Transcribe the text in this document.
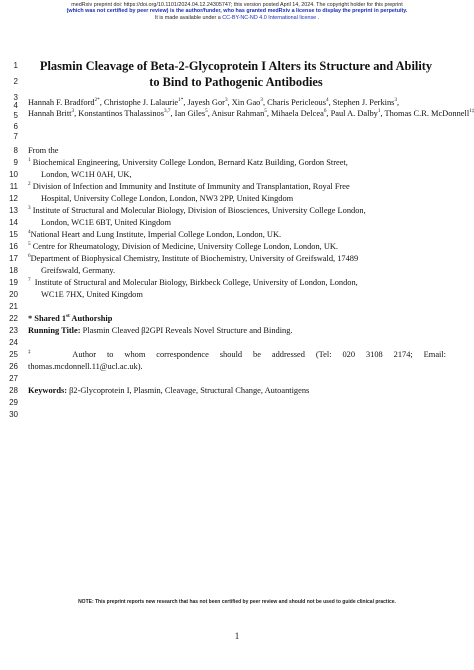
medRxiv preprint doi: https://doi.org/10.1101/2024.04.12.24305747; this version posted April 14, 2024. The copyright holder for this preprint
(which was not certified by peer review) is the author/funder, who has granted medRxiv a license to display the preprint in perpetuity.
It is made available under a CC-BY-NC-ND 4.0 International license .
1
2
3
4
5
6
7
8
9
10
11
12
13
14
15
16
17
18
19
20
21
22
23
24
25
26
27
28
29
30
Plasmin Cleavage of Beta-2-Glycoprotein I Alters its Structure and Ability
to Bind to Pathogenic Antibodies
Hannah F. Bradford$^{2*}$, Christophe J. Lalaurie$^{1*}$, Jayesh Gor$^3$, Xin Gao$^3$, Charis Pericleous$^4$, Stephen J. Perkins$^3$,
Hannah Britt$^3$, Konstantinos Thalassinos$^{3,7}$, Ian Giles$^5$, Anisur Rahman$^5$, Mihaela Delcea$^6$, Paul A. Dalby$^1$, Thomas C.R. McDonnell$^{1\ddagger}$
From the
$^1$ Biochemical Engineering, University College London, Bernard Katz Building, Gordon Street,
London, WC1H 0AH, UK,
$^2$ Division of Infection and Immunity and Institute of Immunity and Transplantation, Royal Free
Hospital, University College London, London, NW3 2PP, United Kingdom
$^3$ Institute of Structural and Molecular Biology, Division of Biosciences, University College London,
London, WC1E 6BT, United Kingdom
$^4$National Heart and Lung Institute, Imperial College London, London, UK.
$^5$ Centre for Rheumatology, Division of Medicine, University College London, London, UK.
$^6$Department of Biophysical Chemistry, Institute of Biochemistry, University of Greifswald, 17489
Greifswald, Germany.
$^7$ Institute of Structural and Molecular Biology, Birkbeck College, University of London, London,
WC1E 7HX, United Kingdom
* Shared 1st Authorship
Running Title: Plasmin Cleaved β2GPI Reveals Novel Structure and Binding.
‡	Author to whom correspondence should be addressed (Tel: 020 3108 2174; Email:
thomas.mcdonnell.11@ucl.ac.uk).
Keywords: β2-Glycoprotein I, Plasmin, Cleavage, Structural Change, Autoantigens
NOTE: This preprint reports new research that has not been certified by peer review and should not be used to guide clinical practice.
1
